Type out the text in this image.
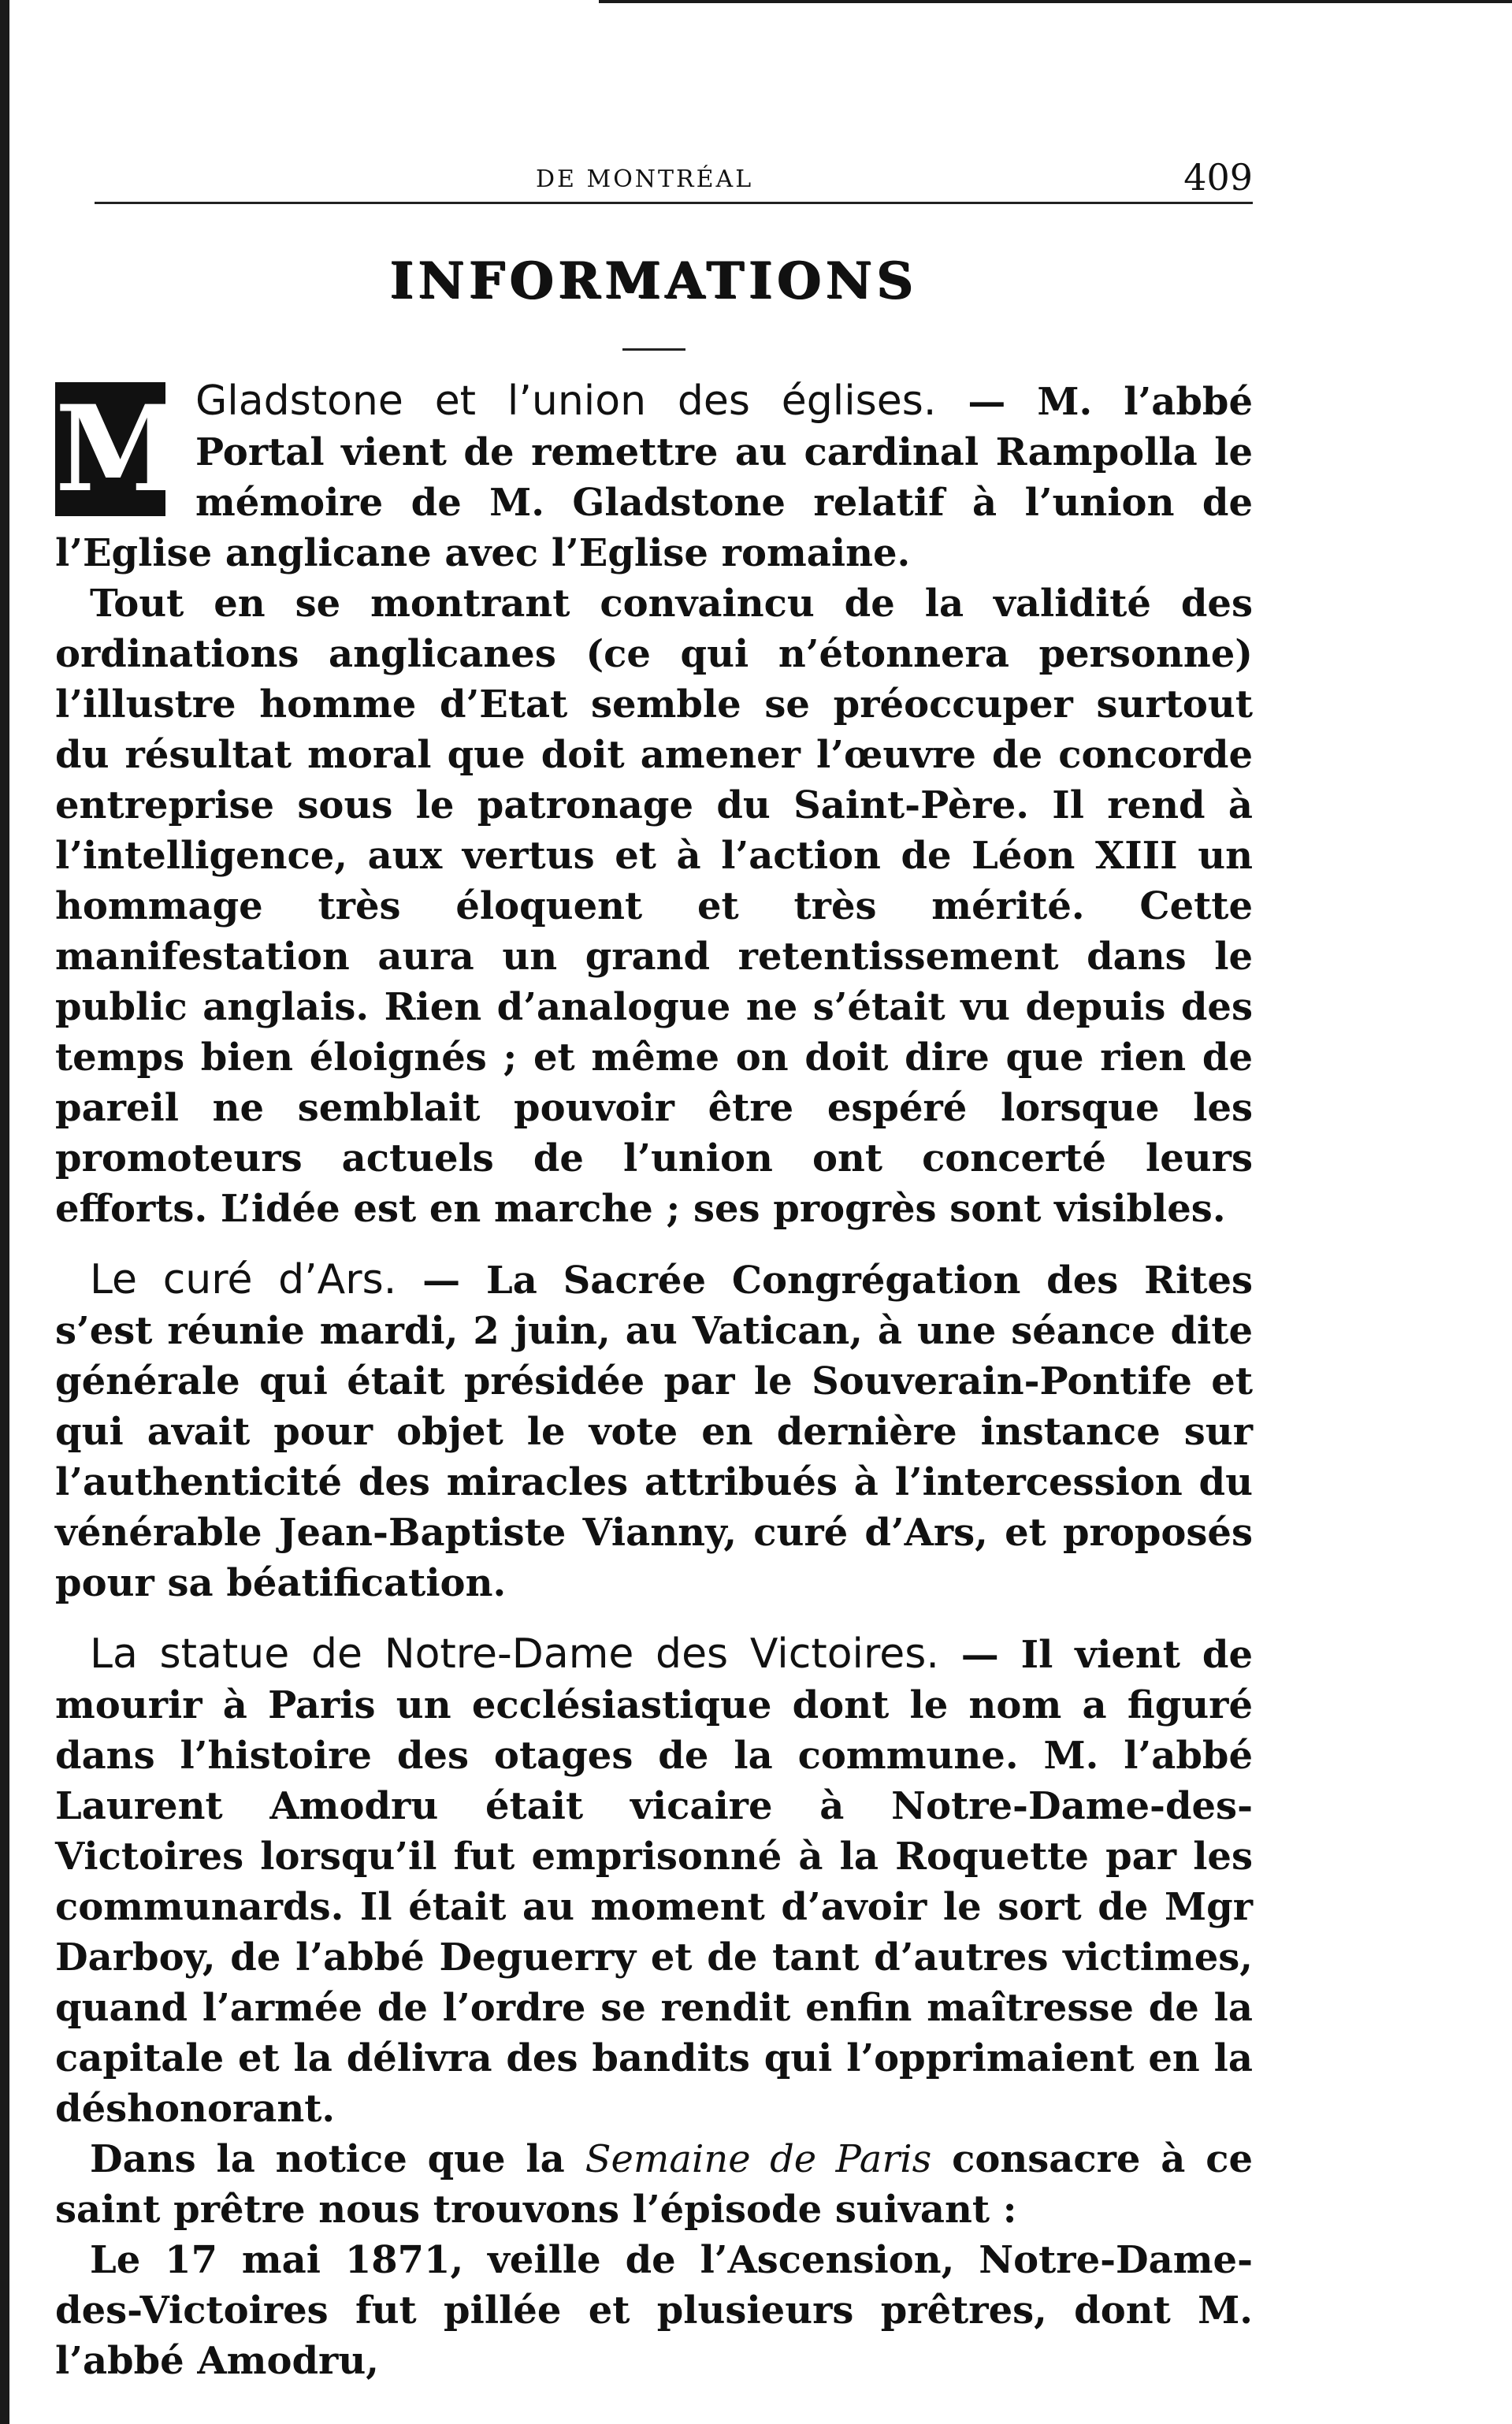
DE MONTRÉAL	409
INFORMATIONS

M Gladstone et l’union des églises. — M. l’abbé Portal vient de remettre au cardinal Rampolla le mémoire de M. Gladstone relatif à l’union de l’Eglise anglicane avec l’Eglise romaine.

Tout en se montrant convaincu de la validité des ordinations anglicanes (ce qui n’étonnera personne) l’illustre homme d’Etat semble se préoccuper surtout du résultat moral que doit amener l’œuvre de concorde entreprise sous le patronage du Saint-Père. Il rend à l’intelligence, aux vertus et à l’action de Léon XIII un hommage très éloquent et très mérité. Cette manifestation aura un grand retentissement dans le public anglais. Rien d’analogue ne s’était vu depuis des temps bien éloignés ; et même on doit dire que rien de pareil ne semblait pouvoir être espéré lorsque les promoteurs actuels de l’union ont concerté leurs efforts. L’idée est en marche ; ses progrès sont visibles.

Le curé d’Ars. — La Sacrée Congrégation des Rites s’est réunie mardi, 2 juin, au Vatican, à une séance dite générale qui était présidée par le Souverain-Pontife et qui avait pour objet le vote en dernière instance sur l’authenticité des miracles attribués à l’intercession du vénérable Jean-Baptiste Vianny, curé d’Ars, et proposés pour sa béatification.

La statue de Notre-Dame des Victoires. — Il vient de mourir à Paris un ecclésiastique dont le nom a figuré dans l’histoire des otages de la commune. M. l’abbé Laurent Amodru était vicaire à Notre-Dame-des-Victoires lorsqu’il fut emprisonné à la Roquette par les communards. Il était au moment d’avoir le sort de Mgr Darboy, de l’abbé Deguerry et de tant d’autres victimes, quand l’armée de l’ordre se rendit enfin maîtresse de la capitale et la délivra des bandits qui l’opprimaient en la déshonorant.

Dans la notice que la Semaine de Paris consacre à ce saint prêtre nous trouvons l’épisode suivant :

Le 17 mai 1871, veille de l’Ascension, Notre-Dame-des-Victoires fut pillée et plusieurs prêtres, dont M. l’abbé Amodru,
